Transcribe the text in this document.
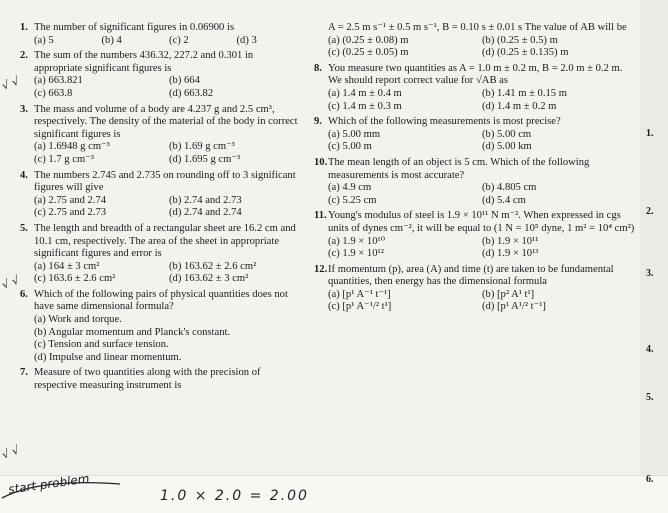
1. The number of significant figures in 0.06900 is
(a) 5	(b) 4	(c) 2	(d) 3
2. The sum of the numbers 436.32, 227.2 and 0.301 in appropriate significant figures is
(a) 663.821	(b) 664
(c) 663.8	(d) 663.82
3. The mass and volume of a body are 4.237 g and 2.5 cm³, respectively. The density of the material of the body in correct significant figures is
(a) 1.6948 g cm⁻³	(b) 1.69 g cm⁻³
(c) 1.7 g cm⁻³	(d) 1.695 g cm⁻³
4. The numbers 2.745 and 2.735 on rounding off to 3 significant figures will give
(a) 2.75 and 2.74	(b) 2.74 and 2.73
(c) 2.75 and 2.73	(d) 2.74 and 2.74
5. The length and breadth of a rectangular sheet are 16.2 cm and 10.1 cm, respectively. The area of the sheet in appropriate significant figures and error is
(a) 164 ± 3 cm²	(b) 163.62 ± 2.6 cm²
(c) 163.6 ± 2.6 cm²	(d) 163.62 ± 3 cm²
6. Which of the following pairs of physical quantities does not have same dimensional formula?
(a) Work and torque.
(b) Angular momentum and Planck's constant.
(c) Tension and surface tension.
(d) Impulse and linear momentum.
7. Measure of two quantities along with the precision of respective measuring instrument is
A = 2.5 m s⁻¹ ± 0.5 m s⁻¹, B = 0.10 s ± 0.01 s The value of AB will be
(a) (0.25 ± 0.08) m	(b) (0.25 ± 0.5) m
(c) (0.25 ± 0.05) m	(d) (0.25 ± 0.135) m
8. You measure two quantities as A = 1.0 m ± 0.2 m, B = 2.0 m ± 0.2 m. We should report correct value for √AB as
(a) 1.4 m ± 0.4 m	(b) 1.41 m ± 0.15 m
(c) 1.4 m ± 0.3 m	(d) 1.4 m ± 0.2 m
9. Which of the following measurements is most precise?
(a) 5.00 mm	(b) 5.00 cm
(c) 5.00 m	(d) 5.00 km
10. The mean length of an object is 5 cm. Which of the following measurements is most accurate?
(a) 4.9 cm	(b) 4.805 cm
(c) 5.25 cm	(d) 5.4 cm
11. Young's modulus of steel is 1.9 × 10¹¹ N m⁻². When expressed in cgs units of dynes cm⁻², it will be equal to (1 N = 10⁵ dyne, 1 m² = 10⁴ cm²)
(a) 1.9 × 10¹⁰	(b) 1.9 × 10¹¹
(c) 1.9 × 10¹²	(d) 1.9 × 10¹³
12. If momentum (p), area (A) and time (t) are taken to be fundamental quantities, then energy has the dimensional formula
(a) [p¹ A⁻¹ t⁻¹]	(b) [p² A¹ t¹]
(c) [p¹ A⁻¹/² t¹]	(d) [p¹ A¹/² t⁻¹]
1.
2.
3.
4.
5.
6.
√ √
√ √
√ √
start problem	1.0 × 2.0 = 2.00
